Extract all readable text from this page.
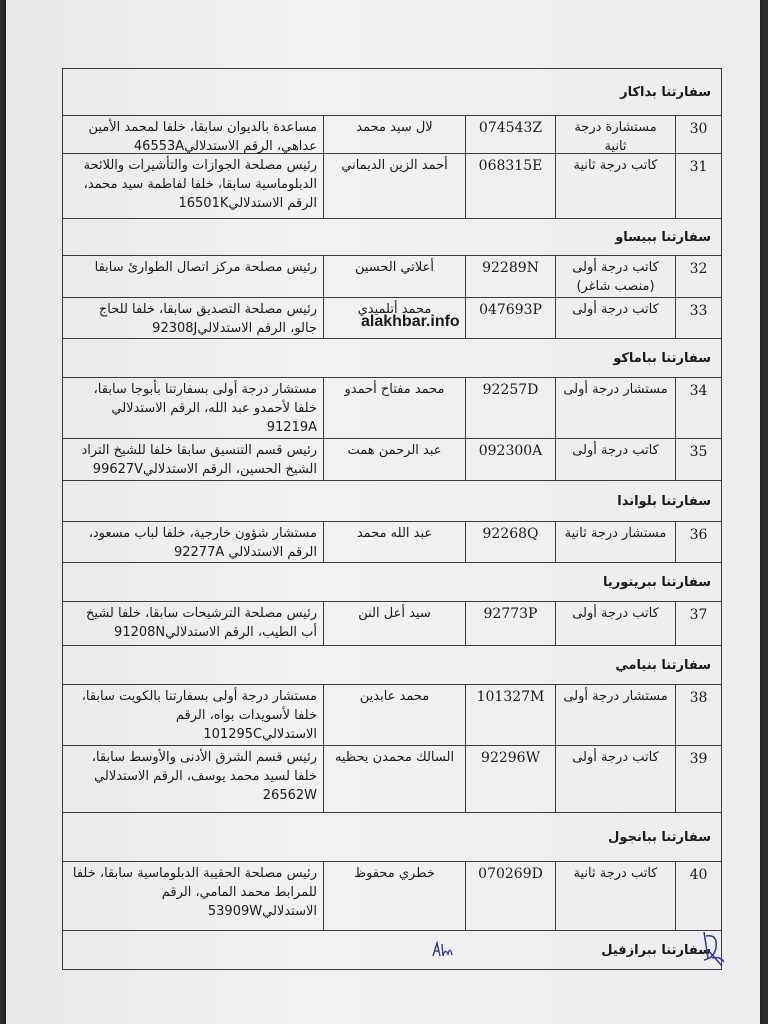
سفارتنا بداكار
30
مستشارة درجة ثانية
074543Z
لال سيد محمد
مساعدة بالديوان سابقا، خلفا لمحمد الأمين عداهي، الرقم الاستدلالي46553A
31
كاتب درجة ثانية
068315E
أحمد الزين الديماني
رئيس مصلحة الجوازات والتأشيرات واللائحة الدبلوماسية سابقا، خلفا لفاطمة سيد محمد، الرقم الاستدلالي16501K
سفارتنا ببيساو
32
كاتب درجة أولى (منصب شاغر)
92289N
أعلاتي الحسين
رئيس مصلحة مركز اتصال الطوارئ سابقا
33
كاتب درجة أولى
047693P
محمد أتلميدي
رئيس مصلحة التصديق سابقا، خلفا للحاج جالو، الرقم الاستدلالي92308J
سفارتنا بباماكو
34
مستشار درجة أولى
92257D
محمد مفتاح أحمدو
مستشار درجة أولى بسفارتنا بأبوجا سابقا، خلفا لأحمدو عبد الله، الرقم الاستدلالي 91219A
35
كاتب درجة أولى
092300A
عبد الرحمن همت
رئيس قسم التنسيق سابقا خلفا للشيخ التراد الشيخ الحسين، الرقم الاستدلالي99627V
سفارتنا بلواندا
36
مستشار درجة ثانية
92268Q
عبد الله محمد
مستشار شؤون خارجية، خلفا لباب مسعود، الرقم الاستدلالي 92277A
سفارتنا ببريتوريا
37
كاتب درجة أولى
92773P
سيد أعل النن
رئيس مصلحة الترشيحات سابقا، خلفا لشيخ أب الطيب، الرقم الاستدلالي91208N
سفارتنا بنيامي
38
مستشار درجة أولى
101327M
محمد عابدين
مستشار درجة أولى بسفارتنا بالكويت سابقا، خلفا لأسويدات بواه، الرقم الاستدلالي101295C
39
كاتب درجة أولى
92296W
السالك محمدن يحظيه
رئيس قسم الشرق الأدنى والأوسط سابقا، خلفا لسيد محمد يوسف، الرقم الاستدلالي 26562W
سفارتنا ببانجول
40
كاتب درجة ثانية
070269D
خطري محفوظ
رئيس مصلحة الحقيبة الدبلوماسية سابقا، خلفا للمرابط محمد المامي، الرقم الاستدلالي53909W
سفارتنا ببرازفيل
alakhbar.info
